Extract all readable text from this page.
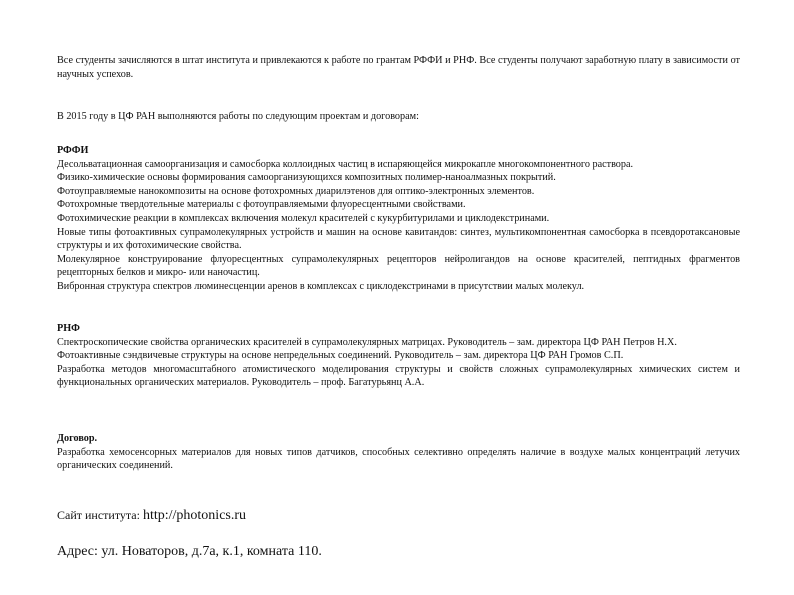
Все студенты зачисляются в штат института и привлекаются к работе по грантам РФФИ и РНФ. Все студенты получают заработную плату в зависимости от научных успехов.

В 2015 году в ЦФ РАН выполняются работы по следующим проектам и договорам:

РФФИ

Десольватационная самоорганизация и самосборка коллоидных частиц в испаряющейся микрокапле многокомпонентного раствора.

Физико-химические основы формирования самоорганизующихся композитных полимер-наноалмазных покрытий.

Фотоуправляемые нанокомпозиты на основе фотохромных диарилэтенов для оптико-электронных элементов.

Фотохромные твердотельные материалы с фотоуправляемыми флуоресцентными свойствами.

Фотохимические реакции в комплексах включения молекул красителей с кукурбитурилами и циклодекстринами.

Новые типы фотоактивных супрамолекулярных устройств и машин на основе кавитандов: синтез, мультикомпонентная самосборка в псевдоротаксановые структуры и их фотохимические свойства.

Молекулярное конструирование флуоресцентных супрамолекулярных рецепторов нейролигандов на основе красителей, пептидных фрагментов рецепторных белков и микро- или наночастиц.

Вибронная структура спектров люминесценции аренов в комплексах с циклодекстринами в присутствии малых молекул.

РНФ

Спектроскопические свойства органических красителей в супрамолекулярных матрицах. Руководитель – зам. директора ЦФ РАН Петров Н.Х.

Фотоактивные сэндвичевые структуры на основе непредельных соединений. Руководитель – зам. директора ЦФ РАН Громов С.П.

Разработка методов многомасштабного атомистического моделирования структуры и свойств сложных супрамолекулярных химических систем и функциональных органических материалов. Руководитель – проф. Багатурьянц А.А.

Договор.

Разработка хемосенсорных материалов для новых типов датчиков, способных селективно определять наличие в воздухе малых концентраций летучих органических соединений.

Сайт института: http://photonics.ru
Адрес: ул. Новаторов, д.7а, к.1, комната 110.
